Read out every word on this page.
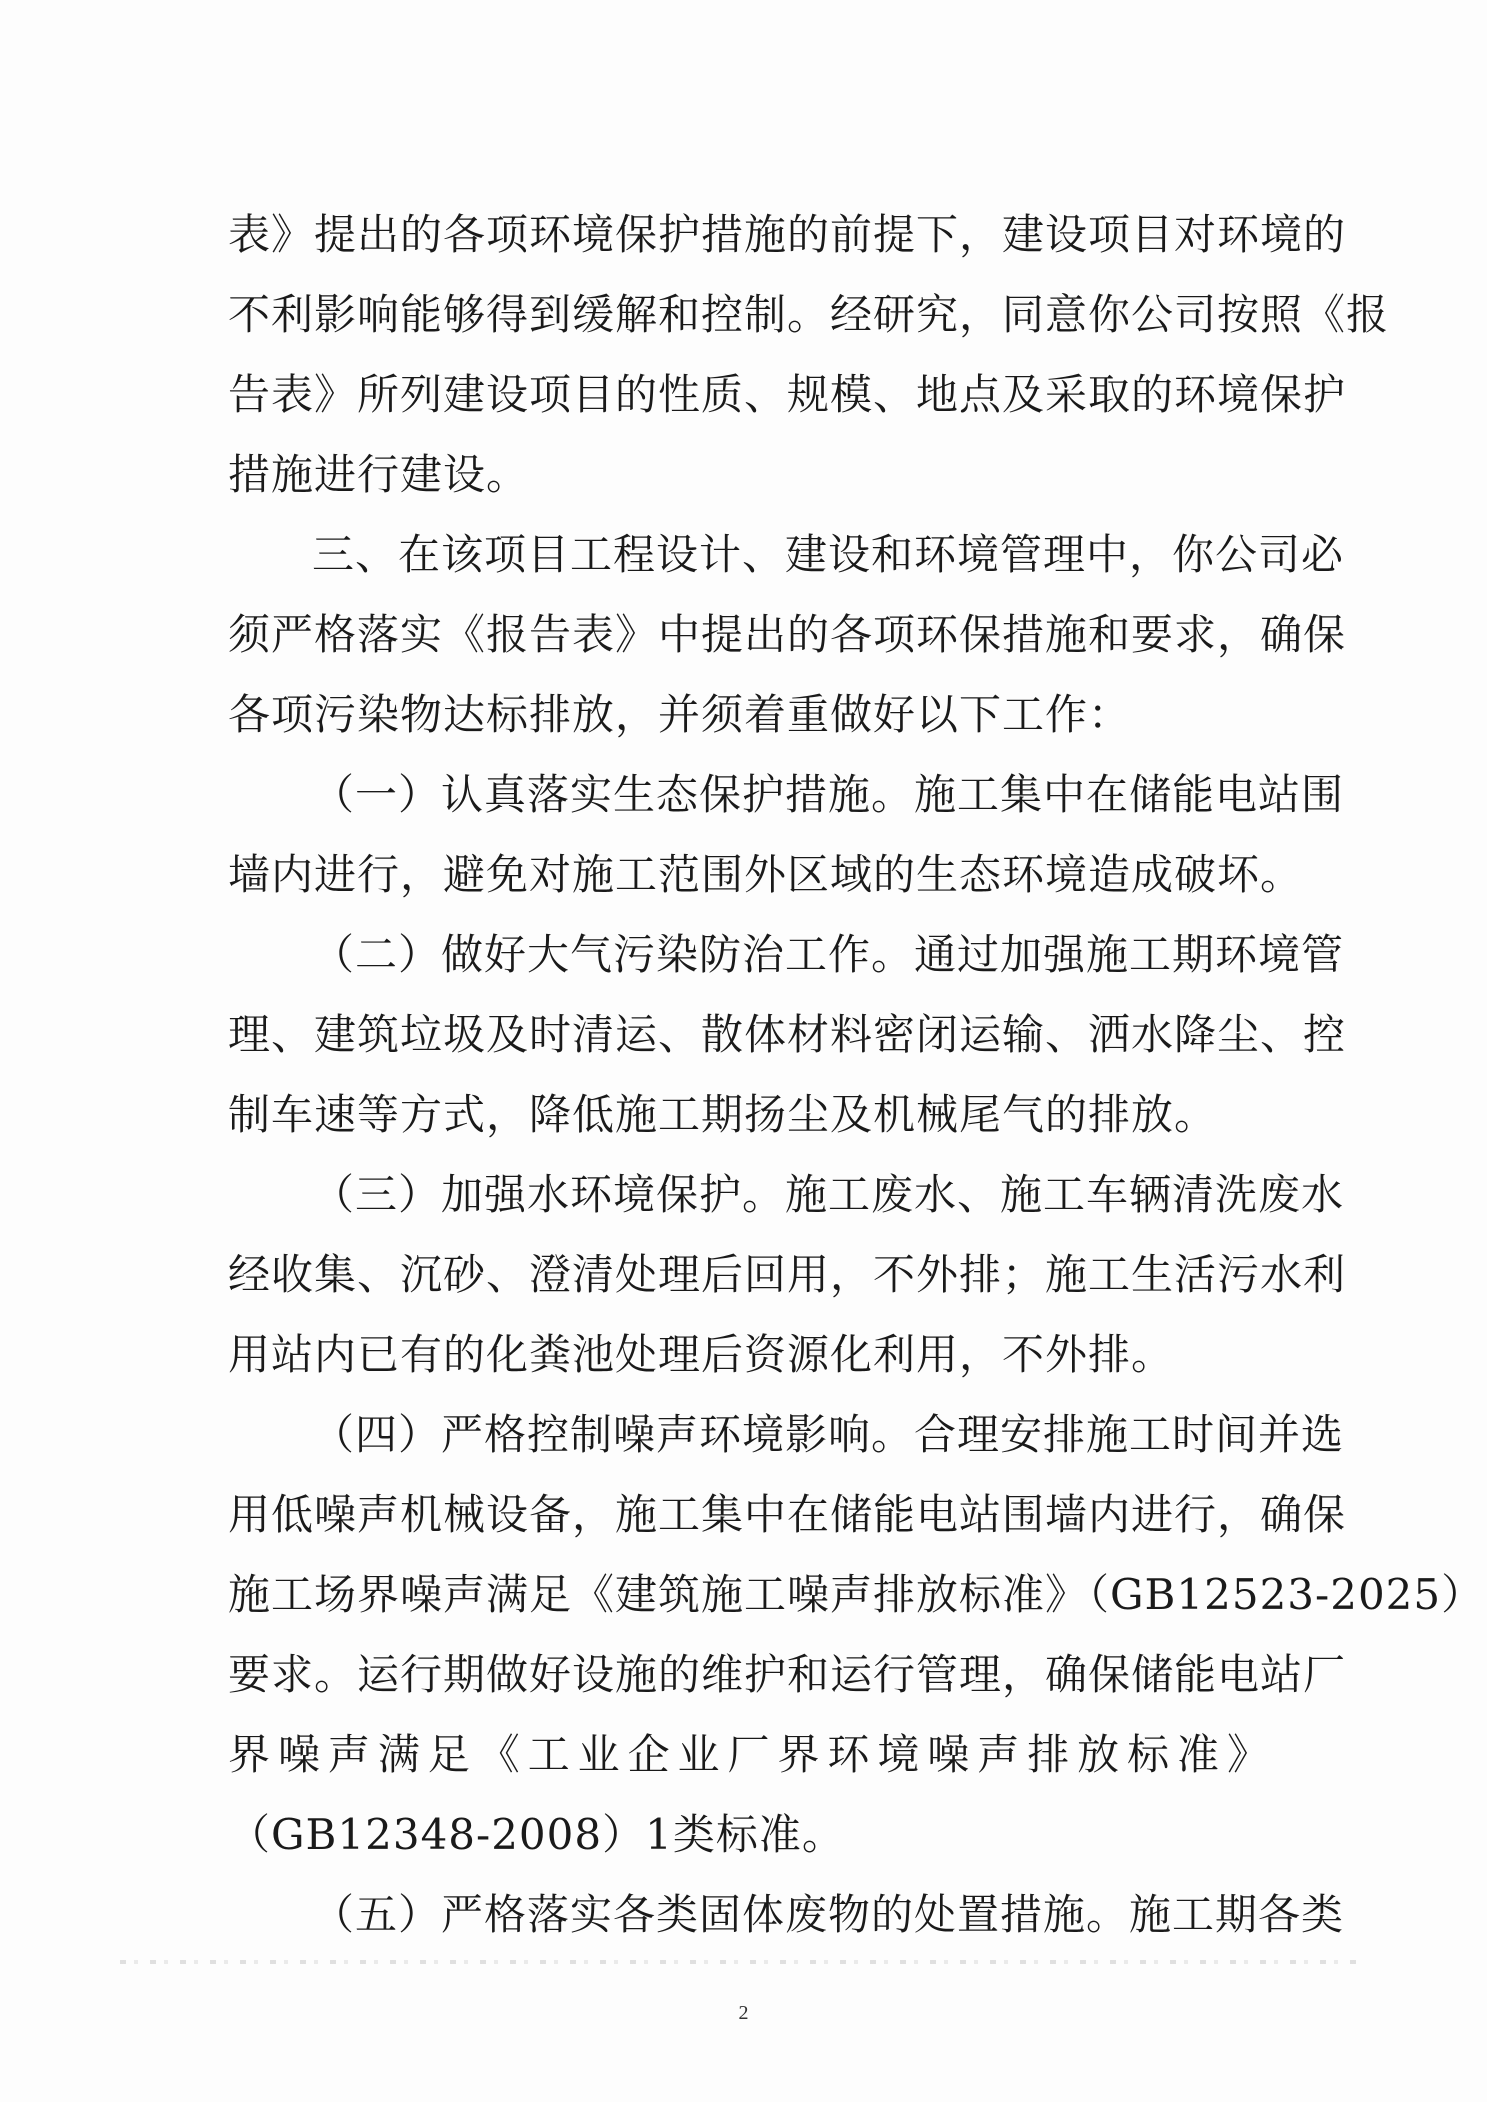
表》提出的各项环境保护措施的前提下，建设项目对环境的
不利影响能够得到缓解和控制。经研究，同意你公司按照《报
告表》所列建设项目的性质、规模、地点及采取的环境保护
措施进行建设。
三、在该项目工程设计、建设和环境管理中，你公司必
须严格落实《报告表》中提出的各项环保措施和要求，确保
各项污染物达标排放，并须着重做好以下工作：
（一）认真落实生态保护措施。施工集中在储能电站围
墙内进行，避免对施工范围外区域的生态环境造成破坏。
（二）做好大气污染防治工作。通过加强施工期环境管
理、建筑垃圾及时清运、散体材料密闭运输、洒水降尘、控
制车速等方式，降低施工期扬尘及机械尾气的排放。
（三）加强水环境保护。施工废水、施工车辆清洗废水
经收集、沉砂、澄清处理后回用，不外排；施工生活污水利
用站内已有的化粪池处理后资源化利用，不外排。
（四）严格控制噪声环境影响。合理安排施工时间并选
用低噪声机械设备，施工集中在储能电站围墙内进行，确保
施工场界噪声满足《建筑施工噪声排放标准》（GB12523-2025）
要求。运行期做好设施的维护和运行管理，确保储能电站厂
界噪声满足《工业企业厂界环境噪声排放标准》
（GB12348-2008）1类标准。
（五）严格落实各类固体废物的处置措施。施工期各类
2
